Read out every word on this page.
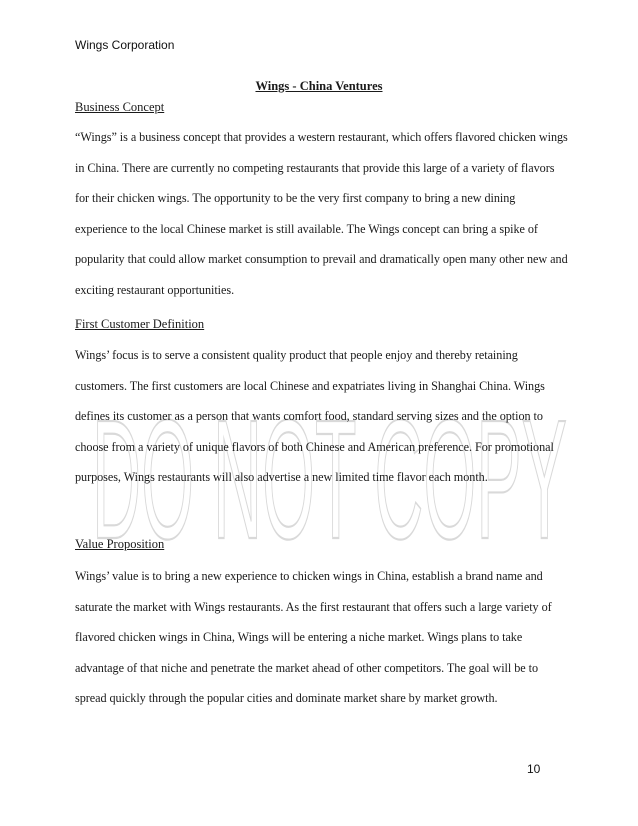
Wings Corporation
DO NOT COPY
Wings - China Ventures
Business Concept

“Wings” is a business concept that provides a western restaurant, which offers flavored chicken wings in China. There are currently no competing restaurants that provide this large of a variety of flavors for their chicken wings. The opportunity to be the very first company to bring a new dining experience to the local Chinese market is still available. The Wings concept can bring a spike of popularity that could allow market consumption to prevail and dramatically open many other new and exciting restaurant opportunities.

First Customer Definition

Wings’ focus is to serve a consistent quality product that people enjoy and thereby retaining customers. The first customers are local Chinese and expatriates living in Shanghai China. Wings defines its customer as a person that wants comfort food, standard serving sizes and the option to choose from a variety of unique flavors of both Chinese and American preference. For promotional purposes, Wings restaurants will also advertise a new limited time flavor each month.

Value Proposition

Wings’ value is to bring a new experience to chicken wings in China, establish a brand name and saturate the market with Wings restaurants. As the first restaurant that offers such a large variety of flavored chicken wings in China, Wings will be entering a niche market. Wings plans to take advantage of that niche and penetrate the market ahead of other competitors. The goal will be to spread quickly through the popular cities and dominate market share by market growth.

10
